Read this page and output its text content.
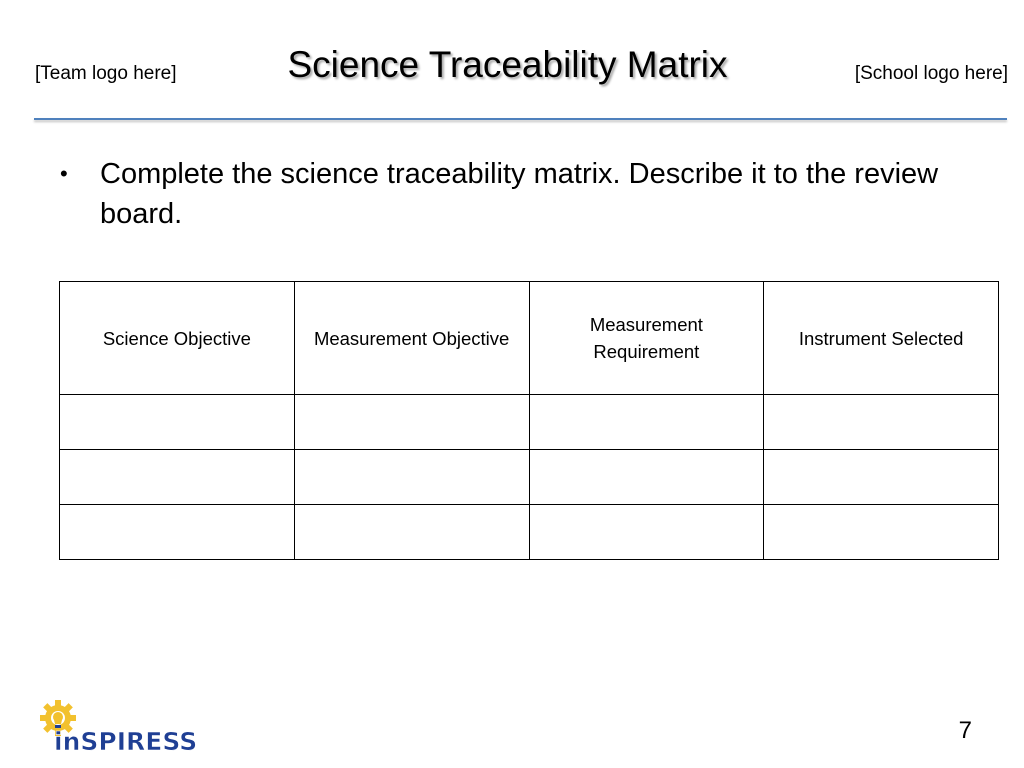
[Team logo here]	Science Traceability Matrix	[School logo here]
• Complete the science traceability matrix. Describe it to the review board.
Science Objective	Measurement Objective	Measurement Requirement	Instrument Selected

inSPIRESS	7
